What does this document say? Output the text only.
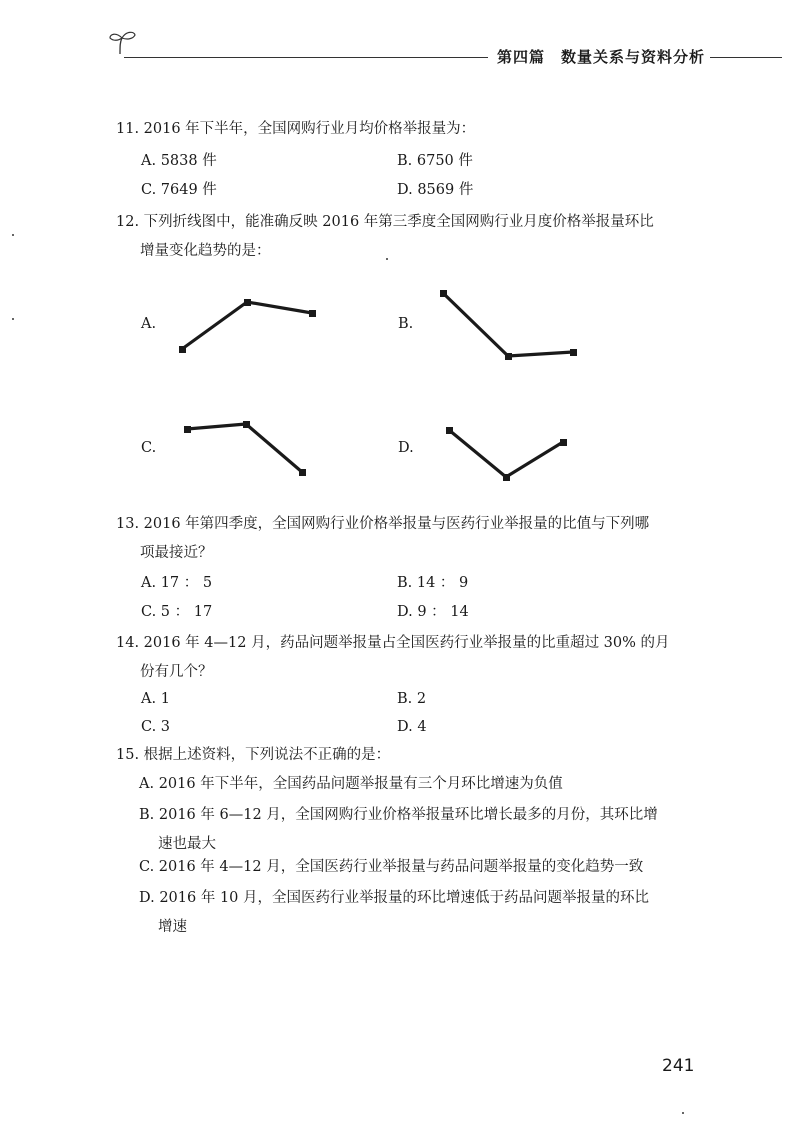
第四篇 数量关系与资料分析
11. 2016 年下半年，全国网购行业月均价格举报量为：
A. 5838 件	B. 6750 件
C. 7649 件	D. 8569 件
12. 下列折线图中，能准确反映 2016 年第三季度全国网购行业月度价格举报量环比
增量变化趋势的是：
A.	B.
C.	D.
13. 2016 年第四季度，全国网购行业价格举报量与医药行业举报量的比值与下列哪
项最接近？
A. 17 ： 5	B. 14 ： 9
C. 5 ： 17	D. 9 ： 14
14. 2016 年 4—12 月，药品问题举报量占全国医药行业举报量的比重超过 30% 的月
份有几个？
A. 1	B. 2
C. 3	D. 4
15. 根据上述资料，下列说法不正确的是：
A. 2016 年下半年，全国药品问题举报量有三个月环比增速为负值
B. 2016 年 6—12 月，全国网购行业价格举报量环比增长最多的月份，其环比增
速也最大
C. 2016 年 4—12 月，全国医药行业举报量与药品问题举报量的变化趋势一致
D. 2016 年 10 月，全国医药行业举报量的环比增速低于药品问题举报量的环比
增速
241
